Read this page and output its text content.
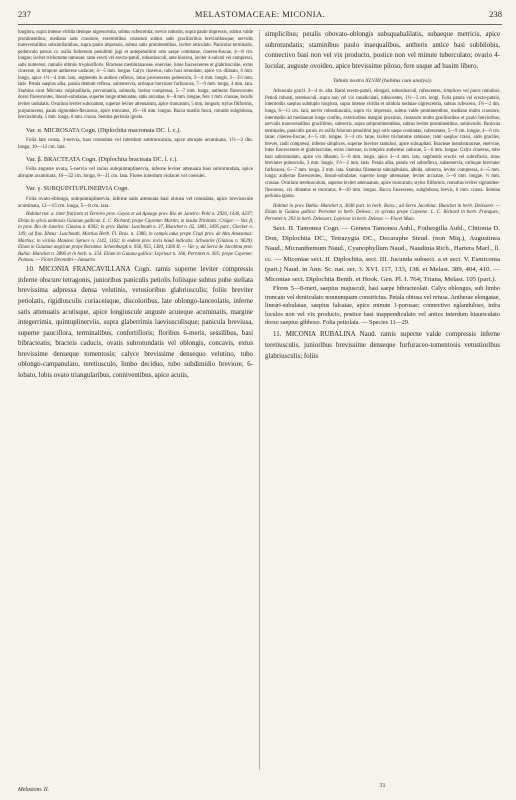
237	MELASTOMACEAE: MICONIA.	238

longiora, supra intense viridia denique nigrescentia, subtus rufescentia; nervis robustis, supra paulo impressis, subtus valde prominentibus, mediano satis crassiore, extermitibus costarum subtus satis gracilioribus breviaribusque; nervulis transversalibus subsimilantibus, supra paulo impressis, subtus satis prominentibus, laviter reticulato. Panicular terminalis, pedunculo paruis cx axilla folloreum penultimi jugi et antepenultimi orto saepe comitatae, cinereo-fuscae, 4—8 cm. longae; laviter trichotome ramosae; rami erecti vel erecto-patuli, robustiusculi, ante bioreva, laviter 4-sulcati vel compressi, satis numerosi, ramulis ultimis tri-plurifloris. Bracteae membranaceae, enerviae, lutue fuscescentes et glabriusculae, extus cinereae, in tempore antherese caducae, 4—5 mm. longae. Calyx cinereus, tubo basi rotundato, apice vix dilatato, 6 mm. longo, apice 1½—4 mm. lato, segmentis in anthesi reflexis, intus juvenescens pubesculo, 3—4 mm. longis, 2—3½ mm. latis. Petala saepius alba, patula demum reflexa, subrenervia, utrinque breviuter furfuracea, 7—9 mm. longa, 4 mm. lata. Stamina sicut Miconia vulpiquillaria, pervariantia, subnuda, lavitar compressa, 5—7 mm. longa; antherae flavescentes dorso flavescentes, lineari-subulatae, superne longe attenuatae, satis arcuatae, 6—8 mm. longae, fere 1 mm. crassae, loculis leviter undulatis. Ovarium leviter subcuatum, superne leviter attenuatum, apice truncatum, 5 mm. longum; stylus filiformis, purpurascens, paulo sigmoideo-flexuosus, apice truncatus, 16—18 mm. longus. Bacca matilis fusca, rotundo subglobosa, brevissimula, 5 mm. longa, 6 mm. crassa. Semina perlonia ignota.

Var. α. MICROSATA Cogn. (Diplochita macronata DC. l. c.).

Folia late ovata, 3-nervia, basi rotundata vel interdum subtruncatula, apice abrupte acuminata, 1½—2 dm. longa, 10—12 cm. lata.

Var. β. BRACTEATA Cogn. (Diplochita bracteata DC. l. c.).

Folia anguste ovata, 5-nervia vel rarius subquintuplinervia, inferne leviter attenuata basi subrotundata, apice abrupte acuminata, 16—22 cm. longa, 8—11 cm. lata. Flores interdum violacei vel coerulei.

Var. γ. SUBQUINTUPLINERVIA Cogn.

Folia ovato-oblonga, subquintuplinervia, inferne satis attenuata basi obtusa vel rotundata, apice breviuscule acuminata, 12—15 cm. longa, 5—8 cm. lata.

Habitat nor. a. inter fruticeta et Terreiro prov. Goyaz et ad Apoago prov. Rio de Janeiro: Pohl n. 2926, 1436, 4237; Ebian in sylvis umbrosis Guianae gallicae: L. C. Richard; prope Cayenne: Martin; in insula Trinitatis: Crüger. — Var. β, in prov. Rio de Janeiro: Glaziou n. 8302; in prov. Bahia: Luschnath n. 37, Blanchet n. 65, 1881, 3495 part., Glocker n. 149; ad fluv. Ilheus: Luschnath, Martius Herb. Fl. Bras. n. 1386; in campis adus prope Cruzi prov. de Alto Amazonas: Martius; in vicinio Manáos: Spruce n. 1142, 1162; in eadem prov. locis haud indicatis: Schwacke (Glaziou n. 9629). Eliam in Guianae anglicae prope Roraima: Schomburgk n. 956, 955, 1384, 1360 II. — Var. γ, ad Serra de Jacobina prov. Bahia: Blanchet n. 3806 et in herb. n. 354. Eliam in Guiana gallica: Leprieur n. 166, Perrottet n. 305; prope Cayenne: Poiteau. — Floret Decembri—Januario

10. MICONIA FRANCAVILLANA Cogn. ramis superne leviter compressis inferne obscure tetragonis, junioribus paniculis petiolis foliisque subtus pube stellata brevissima adpressa densa velutinis, vetusioribus glabriusculis; foliis breviter petiolatis, rigidiusculis coriaceisque, discoloribus, late oblongo-lanceolatis, inferne satis attenuatis acutisque, apice longiuscule anguste acuteque acuminatis, margine integerrimis, quintuplinerviis, supra glaberrimis laeviusculisque; panicula breviusa, superne pauciflora, terminalibus, confertifloris; floribus 6-meris, sessilibus, basi bibracteatis; bracteis caducis, ovatis subrotundatis vel oblongis, concavis, extus brevissime denseque tomentosis; calyce brevissime densequo velutino, tubo oblongo-campanulato, teretiusculo, limbo deciduo, tubo subdimidio breviore, 6-lobato, lobis ovato triangularibus, conniventibus, apice acutis,

simplicibus; petalis obovato-oblongis subsquabalilatis, subaeque metricis, apice subrotundatis; staminibus paulo inaequalibus, antheris antice basi subbilobis, connectivo basi non vel vix producto, postice non vel minute tuberculato; ovario 4-locular, auguste ovoideo, apice brevissime piloso, fere usque ad basim libero.

Tabula nostra XLVIII (habitus cum analysi).

Arbuscula gracil. 3—4 m. alta. Rami erecto-patuli, elongati, robustiusculi, rufescentes, simplices vel parce ramulosi. Petioli robusti, teretiusculi, supra non vel vix canaliculati, rufescentes, 1½—3 cm. longi. Folia patula vel erecto-patula, internodiis saepius subduplo longiora, supra intense viridia et nitidula nodulae nigrescentia, subtus rufescens, 1½—2 dm. longa, 6—11 cm. lata; nervis robustiusculis, supra vix impressis, subtus valde prominentibus, mediano multo crassiore, intermedio ad medianum longe confitu, exterioribus margini proximis, costarum multo gracilioribus et paulo breviorbus; nervulis transversalibus gracillimis, subrectis, supra subprominentibus, subtus leviter prominentibus, subinviolis. Panicula terminales, paniculis paruis ex axilla folorum penultimi jugi ortis saepe comitatae, rufescentes, 5—9 cm. longae, 4—6 cm. latae; cinereo-fuscae, 4—5 cm. longae, 3—4 cm. latae, laviter trichotome ramosae; rami saepius crassi, satis graciles, breves, radii compressi, inferne simplices, superne breviter ramulosi, apice subcapitati. Bracteae membranaceae, enerviae, lutus fuscescentes et glabriusculae, extus cinereae, in tempore antherese caducae, 5—6 mm. longae. Calyx cinereus, tubo basi subrotundato, apice vix dilatato, 5—6 mm. longo, apice 3—4 mm. lato; segmentis erectis vel subreflexis, intus breviuter pubesculis, 3 mm. longis, 1½—2 mm. latis. Petala alba, patula vel subreflexa, subaenervia, utrinque breviuter furfuracea, 6—7 mm. longa, 3 mm. lata. Stamina filamenta subcapitulata, albida, subrecta, leviter compressa, 4—5 mm. longa; antherae flavescentes, lineari-subulatae, superne longe attenuatae, leviter arcuatae, 5—6 mm. longae, ½ mm. crassae. Ovarium teretiusculum, superne leviter attenuatum, apice truncatum; stylus filiformis, remotius leviter sigmoideo-flexuosus, vix dilatatus et truncatus, 8—10 mm. longus. Bacca fuscescens, subglobosa, brevis, 6 mm. crassa. Semina perlonia ignota.

Habitat in prov. Bahia: Blanchet n. 3640 part. in herb. Boiss.; ad Serra Jacobina: Blanchet in herb. Delessert. — Eliam in Guiana gallica: Perrottet in herb. Delessr.; in sylvula prope Cayenne: L. C. Richard in herb. Franquev., Perrottet n. 293 in herb. Delessert, Leprieur in herb. Delessr. — Floret Maio.

Sect. II. Tamonea Cogn. — Genera Tamonea Aubl., Fothergilla Aubl., Chitonia D. Don, Diplochita DC., Tetrazygia DC., Decaraphe Steud. (non Miq.), Augustinea Naud., Micranthemum Naud., Cyanophyllum Naud., Naudinia Rich., Hartera Marf., ll. cc. — Miconiae sect. II. Diplochita, sect. III. Jucunda subsect. a et sect. V. Esmiconia (part.) Naud. in Ann. Sc. nat. ser. 3. XVI. 117, 133, 138. et Melast. 389, 404, 410. — Miconiae sect. Diplochita Benth. et Hook. Gen. Pl. I. 764; Triana, Melast. 105 (part.).

Flores 5—8-meri, saepius majusculi, basi saepe bibracteolati. Calyx oblongus, sub limbo truncato vel denticulato nonnunquam constrictus. Petala obtusa vel retusa. Antherae elongatae, lineari-subulatae, saepius falcatae, apice minute 1-porosae; connectivo eglanduloso, infra loculos non vel vix producto, postice basi inappendiculato vel antice interdum biauriculato dorso saepius gibboso. Folia petiolata. — Species 11—29.

11. MICONIA RUBALINA Naud. ramis superne valde compressis inferne teretiusculis, junioribus brevissime denseque furfuraceo-tomentosis vetustioribus glabriusculis; foliis

Melastom. II.
31
